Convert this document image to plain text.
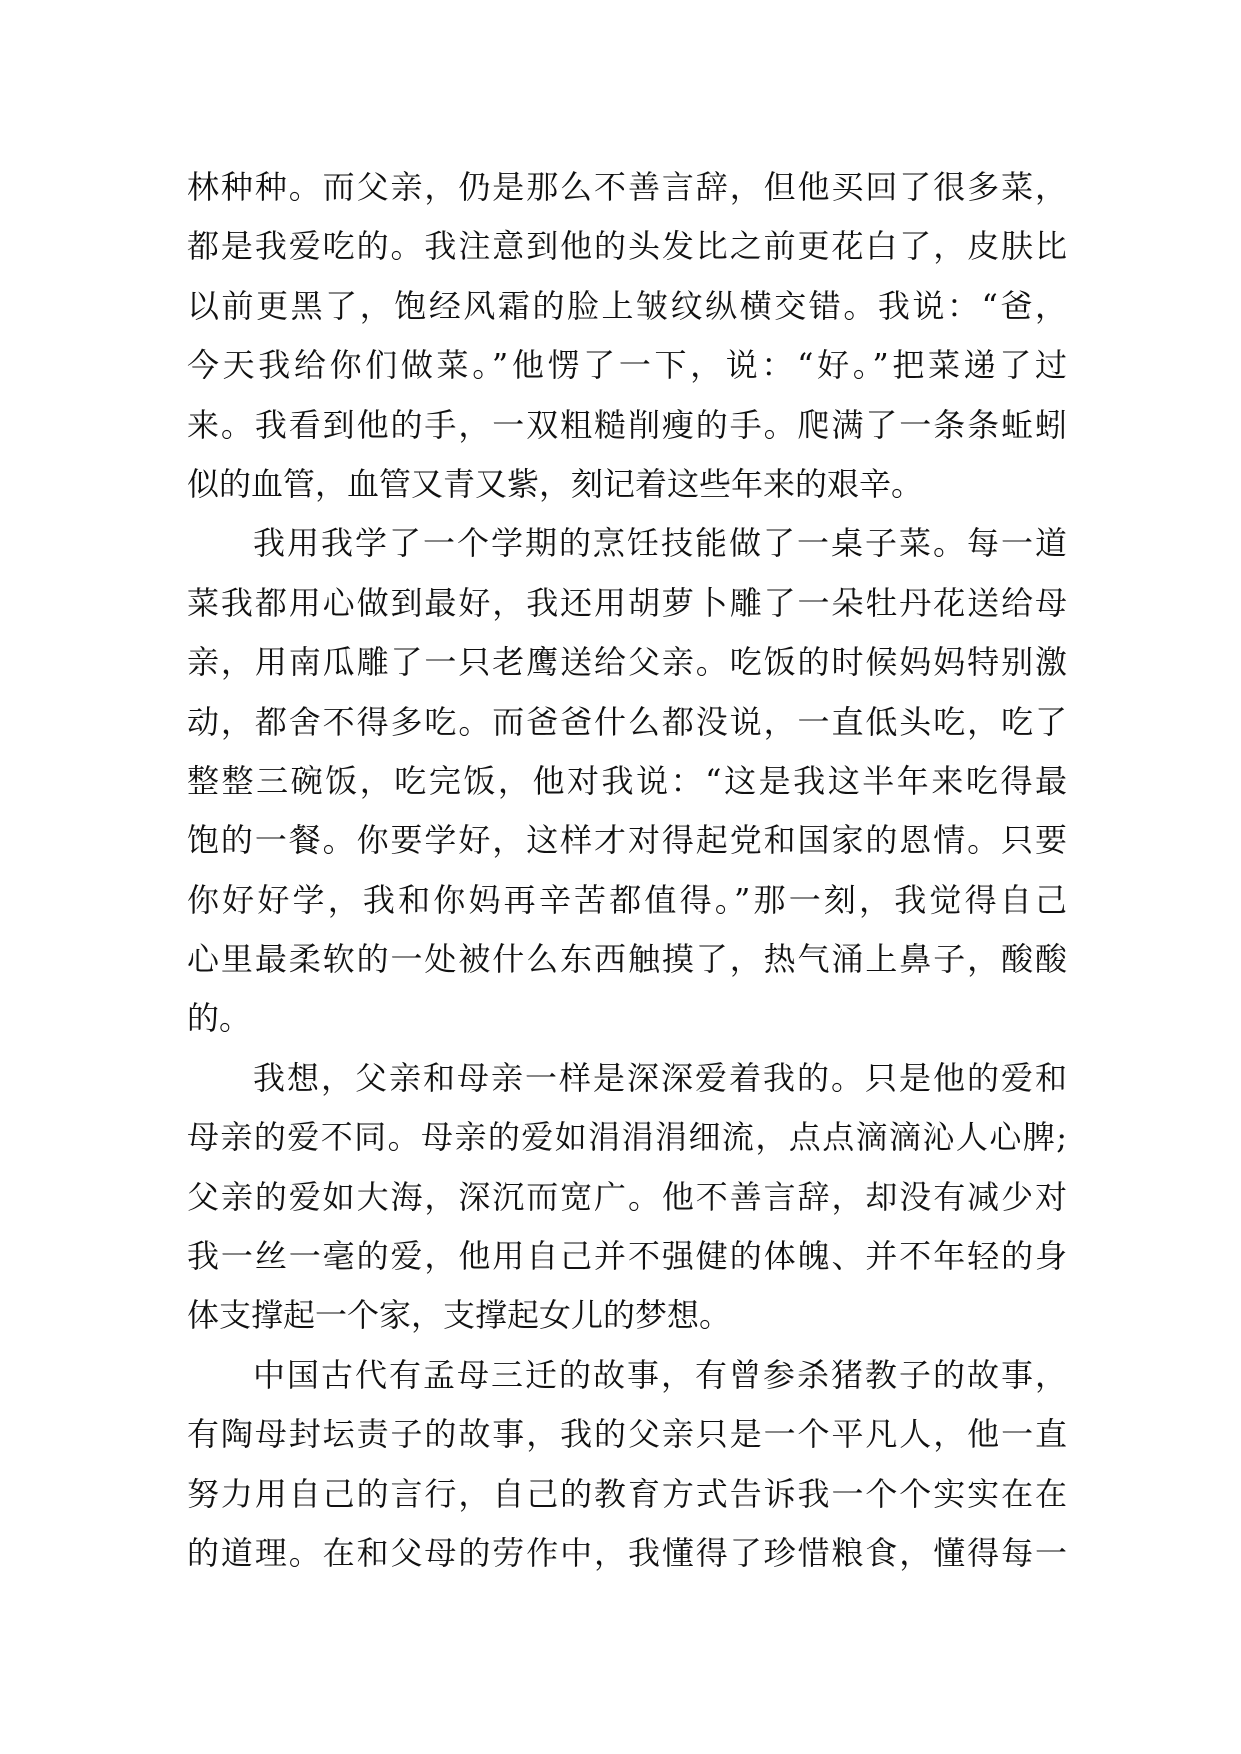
林种种。而父亲，仍是那么不善言辞，但他买回了很多菜，
都是我爱吃的。我注意到他的头发比之前更花白了，皮肤比
以前更黑了，饱经风霜的脸上皱纹纵横交错。我说：“爸，
今天我给你们做菜。”他愣了一下，说：“好。”把菜递了过
来。我看到他的手，一双粗糙削瘦的手。爬满了一条条蚯蚓
似的血管，血管又青又紫，刻记着这些年来的艰辛。
我用我学了一个学期的烹饪技能做了一桌子菜。每一道
菜我都用心做到最好，我还用胡萝卜雕了一朵牡丹花送给母
亲，用南瓜雕了一只老鹰送给父亲。吃饭的时候妈妈特别激
动，都舍不得多吃。而爸爸什么都没说，一直低头吃，吃了
整整三碗饭，吃完饭，他对我说：“这是我这半年来吃得最
饱的一餐。你要学好，这样才对得起党和国家的恩情。只要
你好好学，我和你妈再辛苦都值得。”那一刻，我觉得自己
心里最柔软的一处被什么东西触摸了，热气涌上鼻子，酸酸
的。
我想，父亲和母亲一样是深深爱着我的。只是他的爱和
母亲的爱不同。母亲的爱如涓涓涓细流，点点滴滴沁人心脾;
父亲的爱如大海，深沉而宽广。他不善言辞，却没有减少对
我一丝一毫的爱，他用自己并不强健的体魄、并不年轻的身
体支撑起一个家，支撑起女儿的梦想。
中国古代有孟母三迁的故事，有曾参杀猪教子的故事，
有陶母封坛责子的故事，我的父亲只是一个平凡人，他一直
努力用自己的言行，自己的教育方式告诉我一个个实实在在
的道理。在和父母的劳作中，我懂得了珍惜粮食，懂得每一
